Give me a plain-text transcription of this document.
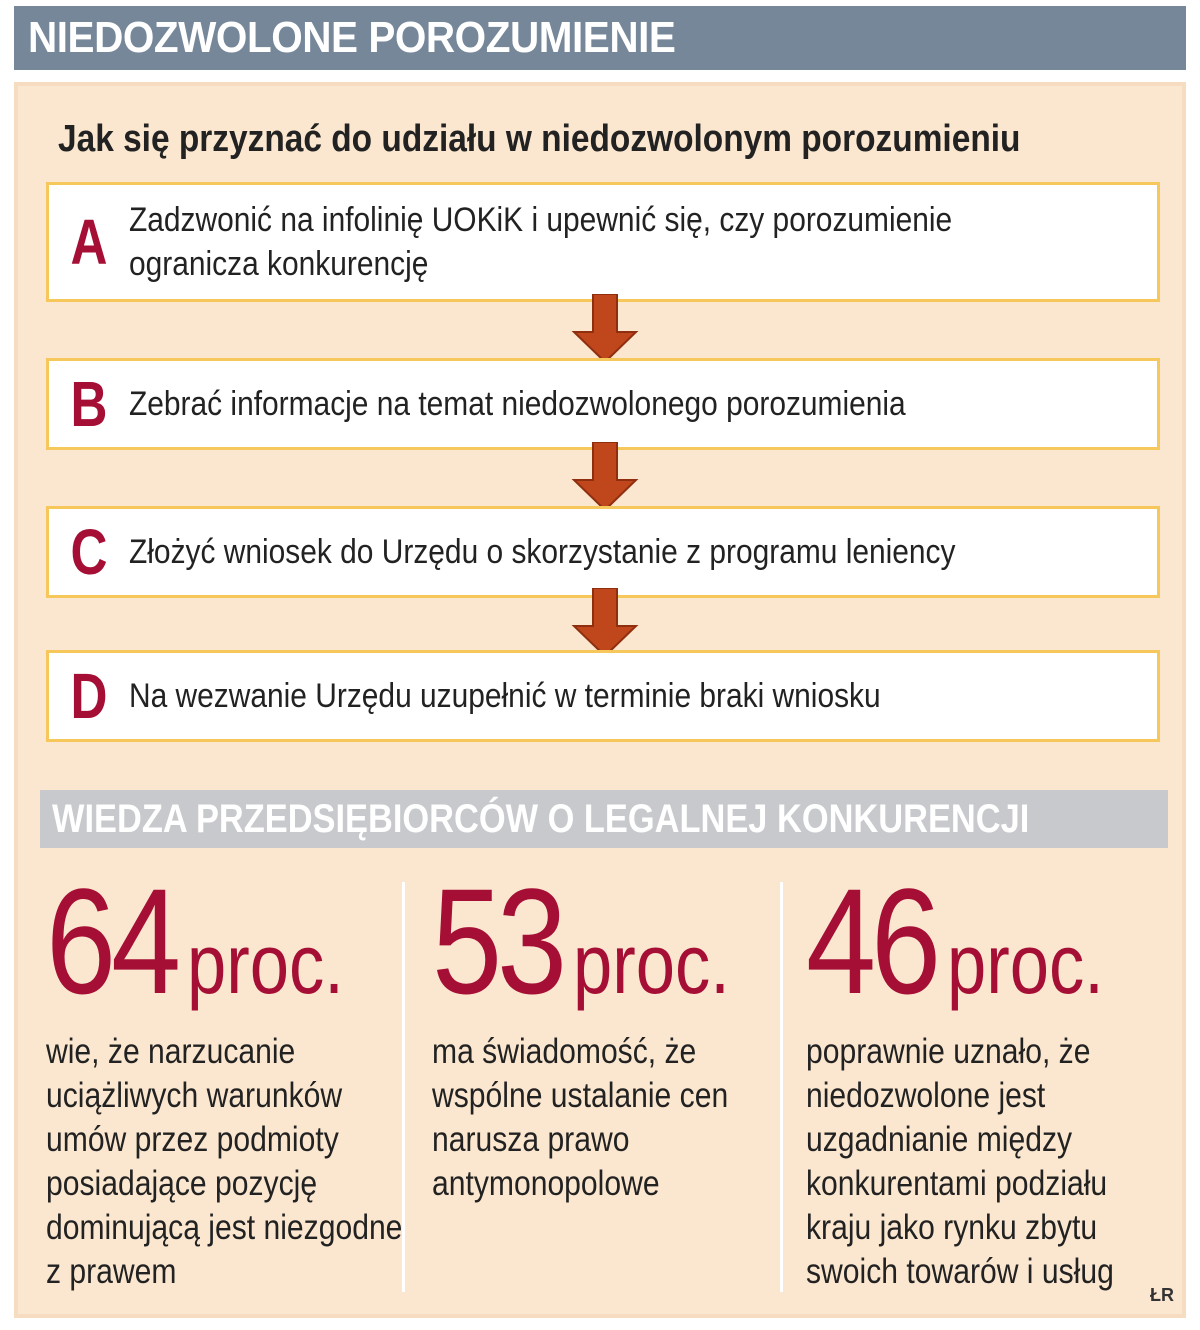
NIEDOZWOLONE POROZUMIENIE
Jak się przyznać do udziału w niedozwolonym porozumieniu
A Zadzwonić na infolinię UOKiK i upewnić się, czy porozumienie ogranicza konkurencję
B Zebrać informacje na temat niedozwolonego porozumienia
C Złożyć wniosek do Urzędu o skorzystanie z programu leniency
D Na wezwanie Urzędu uzupełnić w terminie braki wniosku
WIEDZA PRZEDSIĘBIORCÓW O LEGALNEJ KONKURENCJI
64 proc.
wie, że narzucanie uciążliwych warunków umów przez podmioty posiadające pozycję dominującą jest niezgodne z prawem
53 proc.
ma świadomość, że wspólne ustalanie cen narusza prawo antymonopolowe
46 proc.
poprawnie uznało, że niedozwolone jest uzgadnianie między konkurentami podziału kraju jako rynku zbytu swoich towarów i usług
ŁR
